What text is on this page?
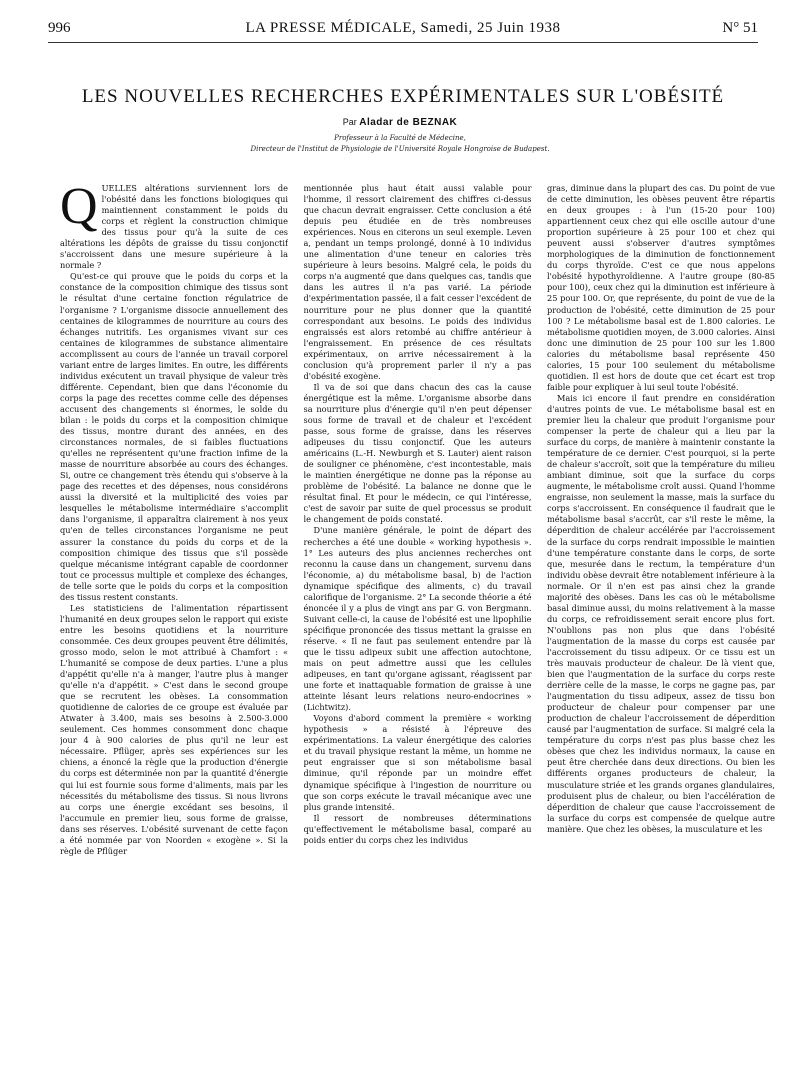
996	LA PRESSE MÉDICALE, Samedi, 25 Juin 1938	N° 51
LES NOUVELLES RECHERCHES EXPÉRIMENTALES SUR L'OBÉSITÉ
Par Aladar de BEZNAK
Professeur à la Faculté de Médecine,
Directeur de l'Institut de Physiologie de l'Université Royale Hongroise de Budapest.
Q UELLES altérations surviennent lors de l'obésité dans les fonctions biologiques qui maintiennent constamment le poids du corps et règlent la construction chimique des tissus pour qu'à la suite de ces altérations les dépôts de graisse du tissu conjonctif s'accroissent dans une mesure supérieure à la normale ?

Qu'est-ce qui prouve que le poids du corps et la constance de la composition chimique des tissus sont le résultat d'une certaine fonction régulatrice de l'organisme ? L'organisme dissocie annuellement des centaines de kilogrammes de nourriture au cours des échanges nutritifs. Les organismes vivant sur ces centaines de kilogrammes de substance alimentaire accomplissent au cours de l'année un travail corporel variant entre de larges limites. En outre, les différents individus exécutent un travail physique de valeur très différente. Cependant, bien que dans l'économie du corps la page des recettes comme celle des dépenses accusent des changements si énormes, le solde du bilan : le poids du corps et la composition chimique des tissus, montre durant des années, en des circonstances normales, de si faibles fluctuations qu'elles ne représentent qu'une fraction infime de la masse de nourriture absorbée au cours des échanges. Si, outre ce changement très étendu qui s'observe à la page des recettes et des dépenses, nous considérons aussi la diversité et la multiplicité des voies par lesquelles le métabolisme intermédiaire s'accomplit dans l'organisme, il apparaîtra clairement à nos yeux qu'en de telles circonstances l'organisme ne peut assurer la constance du poids du corps et de la composition chimique des tissus que s'il possède quelque mécanisme intégrant capable de coordonner tout ce processus multiple et complexe des échanges, de telle sorte que le poids du corps et la composition des tissus restent constants.

Les statisticiens de l'alimentation répartissent l'humanité en deux groupes selon le rapport qui existe entre les besoins quotidiens et la nourriture consommée. Ces deux groupes peuvent être délimités, grosso modo, selon le mot attribué à Chamfort : « L'humanité se compose de deux parties. L'une a plus d'appétit qu'elle n'a à manger, l'autre plus à manger qu'elle n'a d'appétit. » C'est dans le second groupe que se recrutent les obèses. La consommation quotidienne de calories de ce groupe est évaluée par Atwater à 3.400, mais ses besoins à 2.500-3.000 seulement. Ces hommes consomment donc chaque jour 4 à 900 calories de plus qu'il ne leur est nécessaire. Pflüger, après ses expériences sur les chiens, a énoncé la règle que la production d'énergie du corps est déterminée non par la quantité d'énergie qui lui est fournie sous forme d'aliments, mais par les nécessités du métabolisme des tissus. Si nous livrons au corps une énergie excédant ses besoins, il l'accumule en premier lieu, sous forme de graisse, dans ses réserves. L'obésité survenant de cette façon a été nommée par von Noorden « exogène ». Si la règle de Pflüger

mentionnée plus haut était aussi valable pour l'homme, il ressort clairement des chiffres ci-dessus que chacun devrait engraisser. Cette conclusion a été depuis peu étudiée en de très nombreuses expériences. Nous en citerons un seul exemple. Leven a, pendant un temps prolongé, donné à 10 individus une alimentation d'une teneur en calories très supérieure à leurs besoins. Malgré cela, le poids du corps n'a augmenté que dans quelques cas, tandis que dans les autres il n'a pas varié. La période d'expérimentation passée, il a fait cesser l'excédent de nourriture pour ne plus donner que la quantité correspondant aux besoins. Le poids des individus engraissés est alors retombé au chiffre antérieur à l'engraissement. En présence de ces résultats expérimentaux, on arrive nécessairement à la conclusion qu'à proprement parler il n'y a pas d'obésité exogène.

Il va de soi que dans chacun des cas la cause énergétique est la même. L'organisme absorbe dans sa nourriture plus d'énergie qu'il n'en peut dépenser sous forme de travail et de chaleur et l'excédent passe, sous forme de graisse, dans les réserves adipeuses du tissu conjonctif. Que les auteurs américains (L.-H. Newburgh et S. Lauter) aient raison de souligner ce phénomène, c'est incontestable, mais le maintien énergétique ne donne pas la réponse au problème de l'obésité. La balance ne donne que le résultat final. Et pour le médecin, ce qui l'intéresse, c'est de savoir par suite de quel processus se produit le changement de poids constaté.

D'une manière générale, le point de départ des recherches a été une double « working hypothesis ». 1° Les auteurs des plus anciennes recherches ont reconnu la cause dans un changement, survenu dans l'économie, a) du métabolisme basal, b) de l'action dynamique spécifique des aliments, c) du travail calorifique de l'organisme. 2° La seconde théorie a été énoncée il y a plus de vingt ans par G. von Bergmann. Suivant celle-ci, la cause de l'obésité est une lipophilie spécifique prononcée des tissus mettant la graisse en réserve. « Il ne faut pas seulement entendre par là que le tissu adipeux subit une affection autochtone, mais on peut admettre aussi que les cellules adipeuses, en tant qu'organe agissant, réagissent par une forte et inattaquable formation de graisse à une atteinte lésant leurs relations neuro-endocrines » (Lichtwitz).

Voyons d'abord comment la première « working hypothesis » a résisté à l'épreuve des expérimentations. La valeur énergétique des calories et du travail physique restant la même, un homme ne peut engraisser que si son métabolisme basal diminue, qu'il réponde par un moindre effet dynamique spécifique à l'ingestion de nourriture ou que son corps exécute le travail mécanique avec une plus grande intensité.

Il ressort de nombreuses déterminations qu'effectivement le métabolisme basal, comparé au poids entier du corps chez les individus

gras, diminue dans la plupart des cas. Du point de vue de cette diminution, les obèses peuvent être répartis en deux groupes : à l'un (15-20 pour 100) appartiennent ceux chez qui elle oscille autour d'une proportion supérieure à 25 pour 100 et chez qui peuvent aussi s'observer d'autres symptômes morphologiques de la diminution de fonctionnement du corps thyroïde. C'est ce que nous appelons l'obésité hypothyroïdienne. A l'autre groupe (80-85 pour 100), ceux chez qui la diminution est inférieure à 25 pour 100. Or, que représente, du point de vue de la production de l'obésité, cette diminution de 25 pour 100 ? Le métabolisme basal est de 1.800 calories. Le métabolisme quotidien moyen, de 3.000 calories. Ainsi donc une diminution de 25 pour 100 sur les 1.800 calories du métabolisme basal représente 450 calories, 15 pour 100 seulement du métabolisme quotidien. Il est hors de doute que cet écart est trop faible pour expliquer à lui seul toute l'obésité.

Mais ici encore il faut prendre en considération d'autres points de vue. Le métabolisme basal est en premier lieu la chaleur que produit l'organisme pour compenser la perte de chaleur qui a lieu par la surface du corps, de manière à maintenir constante la température de ce dernier. C'est pourquoi, si la perte de chaleur s'accroît, soit que la température du milieu ambiant diminue, soit que la surface du corps augmente, le métabolisme croît aussi. Quand l'homme engraisse, non seulement la masse, mais la surface du corps s'accroissent. En conséquence il faudrait que le métabolisme basal s'accrût, car s'il reste le même, la déperdition de chaleur accélérée par l'accroissement de la surface du corps rendrait impossible le maintien d'une température constante dans le corps, de sorte que, mesurée dans le rectum, la température d'un individu obèse devrait être notablement inférieure à la normale. Or il n'en est pas ainsi chez la grande majorité des obèses. Dans les cas où le métabolisme basal diminue aussi, du moins relativement à la masse du corps, ce refroidissement serait encore plus fort. N'oublions pas non plus que dans l'obésité l'augmentation de la masse du corps est causée par l'accroissement du tissu adipeux. Or ce tissu est un très mauvais producteur de chaleur. De là vient que, bien que l'augmentation de la surface du corps reste derrière celle de la masse, le corps ne gagne pas, par l'augmentation du tissu adipeux, assez de tissu bon producteur de chaleur pour compenser par une production de chaleur l'accroissement de déperdition causé par l'augmentation de surface. Si malgré cela la température du corps n'est pas plus basse chez les obèses que chez les individus normaux, la cause en peut être cherchée dans deux directions. Ou bien les différents organes producteurs de chaleur, la musculature striée et les grands organes glandulaires, produisent plus de chaleur, ou bien l'accélération de déperdition de chaleur que cause l'accroissement de la surface du corps est compensée de quelque autre manière. Que chez les obèses, la musculature et les
